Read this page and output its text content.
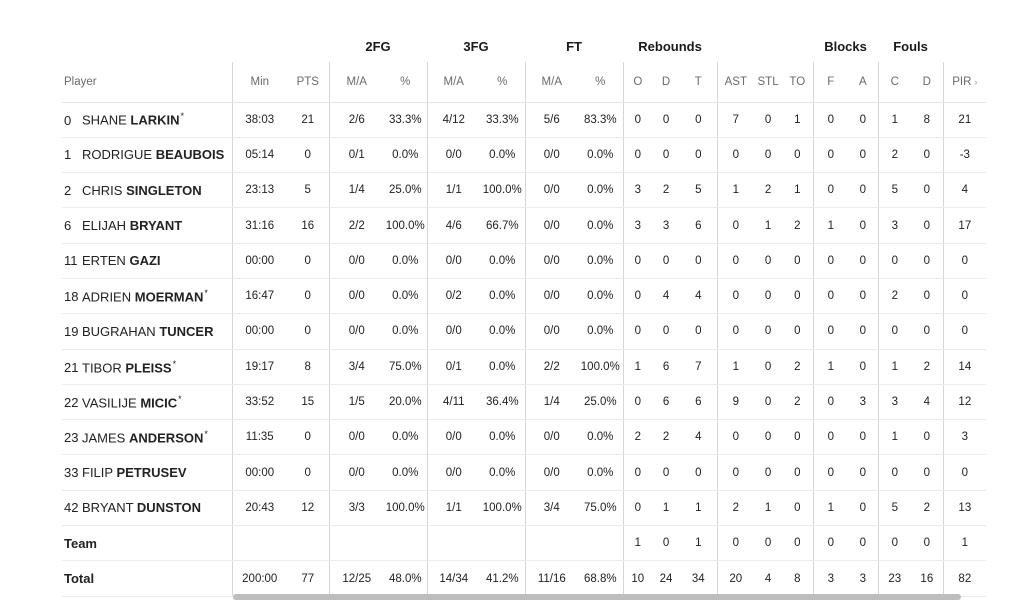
			2FG		3FG		FT		Rebounds						Blocks		Fouls		
Player	Min	PTS	M/A	%	M/A	%	M/A	%	O	D	T	AST	STL	TO	F	A	C	D	PIR ›
0 SHANE LARKIN*	38:03	21	2/6	33.3%	4/12	33.3%	5/6	83.3%	0	0	0	7	0	1	0	0	1	8	21
1 RODRIGUE BEAUBOIS	05:14	0	0/1	0.0%	0/0	0.0%	0/0	0.0%	0	0	0	0	0	0	0	0	2	0	-3
2 CHRIS SINGLETON	23:13	5	1/4	25.0%	1/1	100.0%	0/0	0.0%	3	2	5	1	2	1	0	0	5	0	4
6 ELIJAH BRYANT	31:16	16	2/2	100.0%	4/6	66.7%	0/0	0.0%	3	3	6	0	1	2	1	0	3	0	17
11 ERTEN GAZI	00:00	0	0/0	0.0%	0/0	0.0%	0/0	0.0%	0	0	0	0	0	0	0	0	0	0	0
18 ADRIEN MOERMAN*	16:47	0	0/0	0.0%	0/2	0.0%	0/0	0.0%	0	4	4	0	0	0	0	0	2	0	0
19 BUGRAHAN TUNCER	00:00	0	0/0	0.0%	0/0	0.0%	0/0	0.0%	0	0	0	0	0	0	0	0	0	0	0
21 TIBOR PLEISS*	19:17	8	3/4	75.0%	0/1	0.0%	2/2	100.0%	1	6	7	1	0	2	1	0	1	2	14
22 VASILIJE MICIC*	33:52	15	1/5	20.0%	4/11	36.4%	1/4	25.0%	0	6	6	9	0	2	0	3	3	4	12
23 JAMES ANDERSON*	11:35	0	0/0	0.0%	0/0	0.0%	0/0	0.0%	2	2	4	0	0	0	0	0	1	0	3
33 FILIP PETRUSEV	00:00	0	0/0	0.0%	0/0	0.0%	0/0	0.0%	0	0	0	0	0	0	0	0	0	0	0
42 BRYANT DUNSTON	20:43	12	3/3	100.0%	1/1	100.0%	3/4	75.0%	0	1	1	2	1	0	1	0	5	2	13
Team									1	0	1	0	0	0	0	0	0	0	1
Total	200:00	77	12/25	48.0%	14/34	41.2%	11/16	68.8%	10	24	34	20	4	8	3	3	23	16	82
